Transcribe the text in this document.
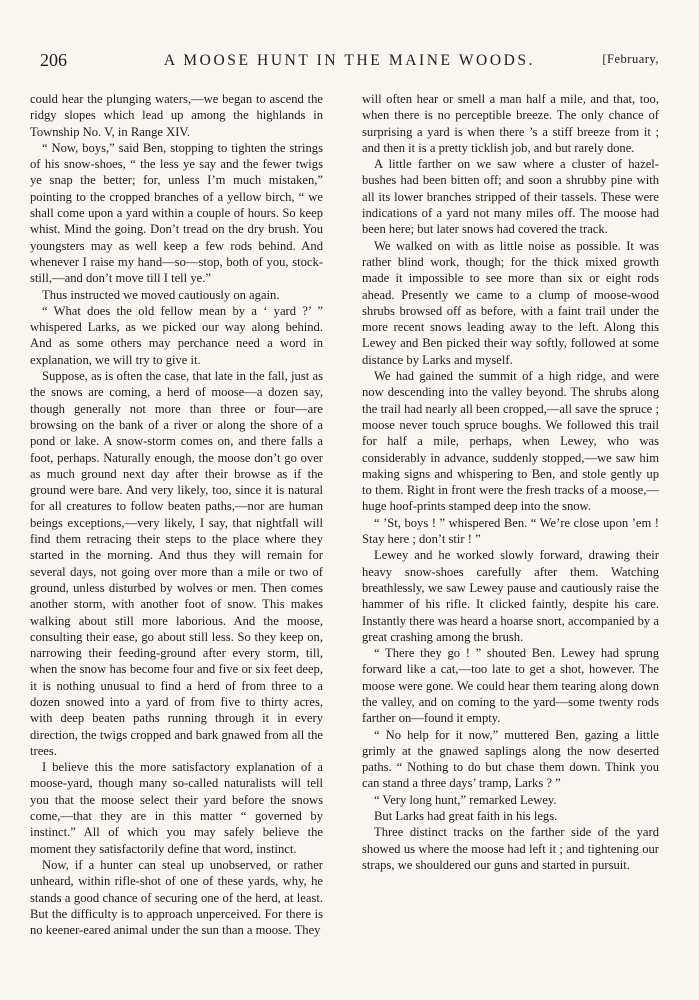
206	A MOOSE HUNT IN THE MAINE WOODS.	[February,

could hear the plunging waters,—we began to ascend the ridgy slopes which lead up among the highlands in Township No. V, in Range XIV.

“ Now, boys,” said Ben, stopping to tighten the strings of his snow-shoes, “ the less ye say and the fewer twigs ye snap the better; for, unless I’m much mistaken,” pointing to the cropped branches of a yellow birch, “ we shall come upon a yard within a couple of hours. So keep whist. Mind the going. Don’t tread on the dry brush. You youngsters may as well keep a few rods behind. And whenever I raise my hand—so—stop, both of you, stock-still,—and don’t move till I tell ye.”

Thus instructed we moved cautiously on again.

“ What does the old fellow mean by a ‘ yard ?’ ” whispered Larks, as we picked our way along behind. And as some others may perchance need a word in explanation, we will try to give it.

Suppose, as is often the case, that late in the fall, just as the snows are coming, a herd of moose—a dozen say, though generally not more than three or four—are browsing on the bank of a river or along the shore of a pond or lake. A snow-storm comes on, and there falls a foot, perhaps. Naturally enough, the moose don’t go over as much ground next day after their browse as if the ground were bare. And very likely, too, since it is natural for all creatures to follow beaten paths,—nor are human beings exceptions,—very likely, I say, that nightfall will find them retracing their steps to the place where they started in the morning. And thus they will remain for several days, not going over more than a mile or two of ground, unless disturbed by wolves or men. Then comes another storm, with another foot of snow. This makes walking about still more laborious. And the moose, consulting their ease, go about still less. So they keep on, narrowing their feeding-ground after every storm, till, when the snow has become four and five or six feet deep, it is nothing unusual to find a herd of from three to a dozen snowed into a yard of from five to thirty acres, with deep beaten paths running through it in every direction, the twigs cropped and bark gnawed from all the trees.

I believe this the more satisfactory explanation of a moose-yard, though many so-called naturalists will tell you that the moose select their yard before the snows come,—that they are in this matter “ governed by instinct.” All of which you may safely believe the moment they satisfactorily define that word, instinct.

Now, if a hunter can steal up unobserved, or rather unheard, within rifle-shot of one of these yards, why, he stands a good chance of securing one of the herd, at least. But the difficulty is to approach unperceived. For there is no keener-eared animal under the sun than a moose. They

will often hear or smell a man half a mile, and that, too, when there is no perceptible breeze. The only chance of surprising a yard is when there ’s a stiff breeze from it ; and then it is a pretty ticklish job, and but rarely done.

A little farther on we saw where a cluster of hazel-bushes had been bitten off; and soon a shrubby pine with all its lower branches stripped of their tassels. These were indications of a yard not many miles off. The moose had been here; but later snows had covered the track.

We walked on with as little noise as possible. It was rather blind work, though; for the thick mixed growth made it impossible to see more than six or eight rods ahead. Presently we came to a clump of moose-wood shrubs browsed off as before, with a faint trail under the more recent snows leading away to the left. Along this Lewey and Ben picked their way softly, followed at some distance by Larks and myself.

We had gained the summit of a high ridge, and were now descending into the valley beyond. The shrubs along the trail had nearly all been cropped,—all save the spruce ; moose never touch spruce boughs. We followed this trail for half a mile, perhaps, when Lewey, who was considerably in advance, suddenly stopped,—we saw him making signs and whispering to Ben, and stole gently up to them. Right in front were the fresh tracks of a moose,—huge hoof-prints stamped deep into the snow.

“ ’St, boys ! ” whispered Ben. “ We’re close upon ’em ! Stay here ; don’t stir ! ”

Lewey and he worked slowly forward, drawing their heavy snow-shoes carefully after them. Watching breathlessly, we saw Lewey pause and cautiously raise the hammer of his rifle. It clicked faintly, despite his care. Instantly there was heard a hoarse snort, accompanied by a great crashing among the brush.

“ There they go ! ” shouted Ben. Lewey had sprung forward like a cat,—too late to get a shot, however. The moose were gone. We could hear them tearing along down the valley, and on coming to the yard—some twenty rods farther on—found it empty.

“ No help for it now,” muttered Ben, gazing a little grimly at the gnawed saplings along the now deserted paths. “ Nothing to do but chase them down. Think you can stand a three days’ tramp, Larks ? ”

“ Very long hunt,” remarked Lewey.

But Larks had great faith in his legs.

Three distinct tracks on the farther side of the yard showed us where the moose had left it ; and tightening our straps, we shouldered our guns and started in pursuit.
